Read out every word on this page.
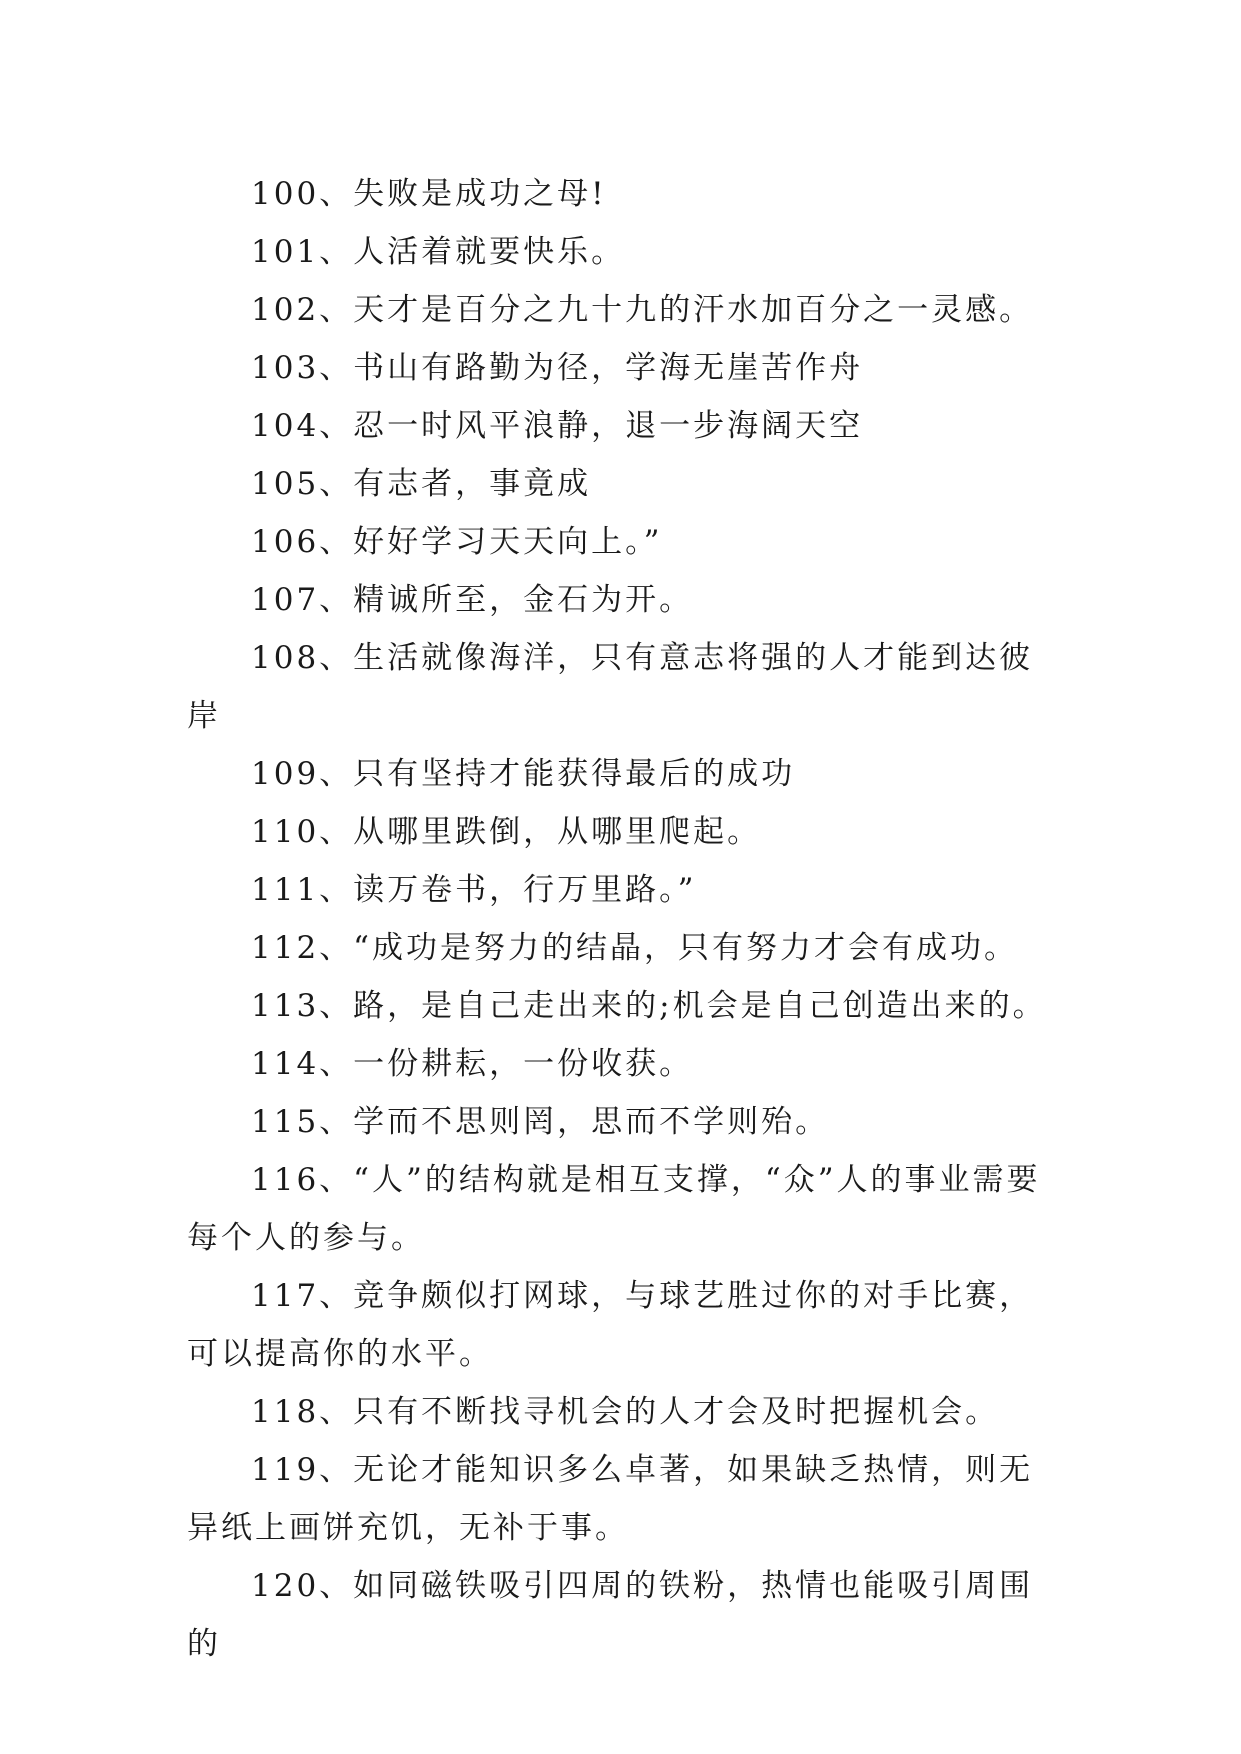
100、失败是成功之母!

101、人活着就要快乐。

102、天才是百分之九十九的汗水加百分之一灵感。

103、书山有路勤为径，学海无崖苦作舟

104、忍一时风平浪静，退一步海阔天空

105、有志者，事竟成

106、好好学习天天向上。”

107、精诚所至，金石为开。

108、生活就像海洋，只有意志将强的人才能到达彼岸

109、只有坚持才能获得最后的成功

110、从哪里跌倒，从哪里爬起。

111、读万卷书，行万里路。”

112、“成功是努力的结晶，只有努力才会有成功。

113、路，是自己走出来的;机会是自己创造出来的。

114、一份耕耘，一份收获。

115、学而不思则罔，思而不学则殆。

116、“人”的结构就是相互支撑，“众”人的事业需要每个人的参与。

117、竞争颇似打网球，与球艺胜过你的对手比赛，可以提高你的水平。

118、只有不断找寻机会的人才会及时把握机会。

119、无论才能知识多么卓著，如果缺乏热情，则无异纸上画饼充饥，无补于事。

120、如同磁铁吸引四周的铁粉，热情也能吸引周围的
